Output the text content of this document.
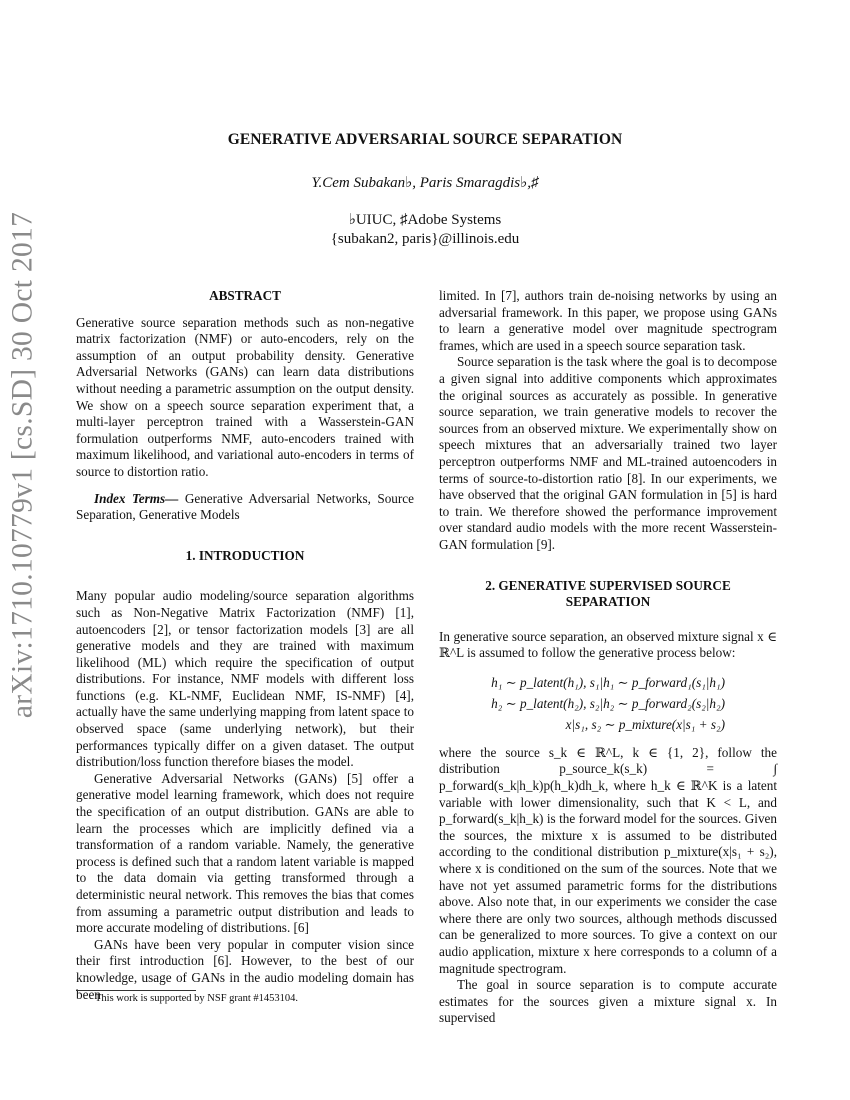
arXiv:1710.10779v1 [cs.SD] 30 Oct 2017
GENERATIVE ADVERSARIAL SOURCE SEPARATION
Y.Cem Subakan♭, Paris Smaragdis♭,♯
♭UIUC, ♯Adobe Systems
{subakan2, paris}@illinois.edu

ABSTRACT

Generative source separation methods such as non-negative matrix factorization (NMF) or auto-encoders, rely on the assumption of an output probability density. Generative Adversarial Networks (GANs) can learn data distributions without needing a parametric assumption on the output density. We show on a speech source separation experiment that, a multi-layer perceptron trained with a Wasserstein-GAN formulation outperforms NMF, auto-encoders trained with maximum likelihood, and variational auto-encoders in terms of source to distortion ratio.

Index Terms— Generative Adversarial Networks, Source Separation, Generative Models

1. INTRODUCTION

Many popular audio modeling/source separation algorithms such as Non-Negative Matrix Factorization (NMF) [1], autoencoders [2], or tensor factorization models [3] are all generative models and they are trained with maximum likelihood (ML) which require the specification of output distributions. For instance, NMF models with different loss functions (e.g. KL-NMF, Euclidean NMF, IS-NMF) [4], actually have the same underlying mapping from latent space to observed space (same underlying network), but their performances typically differ on a given dataset. The output distribution/loss function therefore biases the model.

Generative Adversarial Networks (GANs) [5] offer a generative model learning framework, which does not require the specification of an output distribution. GANs are able to learn the processes which are implicitly defined via a transformation of a random variable. Namely, the generative process is defined such that a random latent variable is mapped to the data domain via getting transformed through a deterministic neural network. This removes the bias that comes from assuming a parametric output distribution and leads to more accurate modeling of distributions. [6]

GANs have been very popular in computer vision since their first introduction [6]. However, to the best of our knowledge, usage of GANs in the audio modeling domain has been

limited. In [7], authors train de-noising networks by using an adversarial framework. In this paper, we propose using GANs to learn a generative model over magnitude spectrogram frames, which are used in a speech source separation task.

Source separation is the task where the goal is to decompose a given signal into additive components which approximates the original sources as accurately as possible. In generative source separation, we train generative models to recover the sources from an observed mixture. We experimentally show on speech mixtures that an adversarially trained two layer perceptron outperforms NMF and ML-trained autoencoders in terms of source-to-distortion ratio [8]. In our experiments, we have observed that the original GAN formulation in [5] is hard to train. We therefore showed the performance improvement over standard audio models with the more recent Wasserstein-GAN formulation [9].

2. GENERATIVE SUPERVISED SOURCE

SEPARATION

In generative source separation, an observed mixture signal x ∈ ℝ^L is assumed to follow the generative process below:

h₁ ∼ p_latent(h₁), s₁|h₁ ∼ p_forward₁(s₁|h₁)

h₂ ∼ p_latent(h₂), s₂|h₂ ∼ p_forward₂(s₂|h₂)

x|s₁, s₂ ∼ p_mixture(x|s₁ + s₂)

where the source s_k ∈ ℝ^L, k ∈ {1, 2}, follow the distribution p_source_k(s_k) = ∫ p_forward(s_k|h_k)p(h_k)dh_k, where h_k ∈ ℝ^K is a latent variable with lower dimensionality, such that K < L, and p_forward(s_k|h_k) is the forward model for the sources. Given the sources, the mixture x is assumed to be distributed according to the conditional distribution p_mixture(x|s₁ + s₂), where x is conditioned on the sum of the sources. Note that we have not yet assumed parametric forms for the distributions above. Also note that, in our experiments we consider the case where there are only two sources, although methods discussed can be generalized to more sources. To give a context on our audio application, mixture x here corresponds to a column of a magnitude spectrogram.

The goal in source separation is to compute accurate estimates for the sources given a mixture signal x. In supervised

This work is supported by NSF grant #1453104.
